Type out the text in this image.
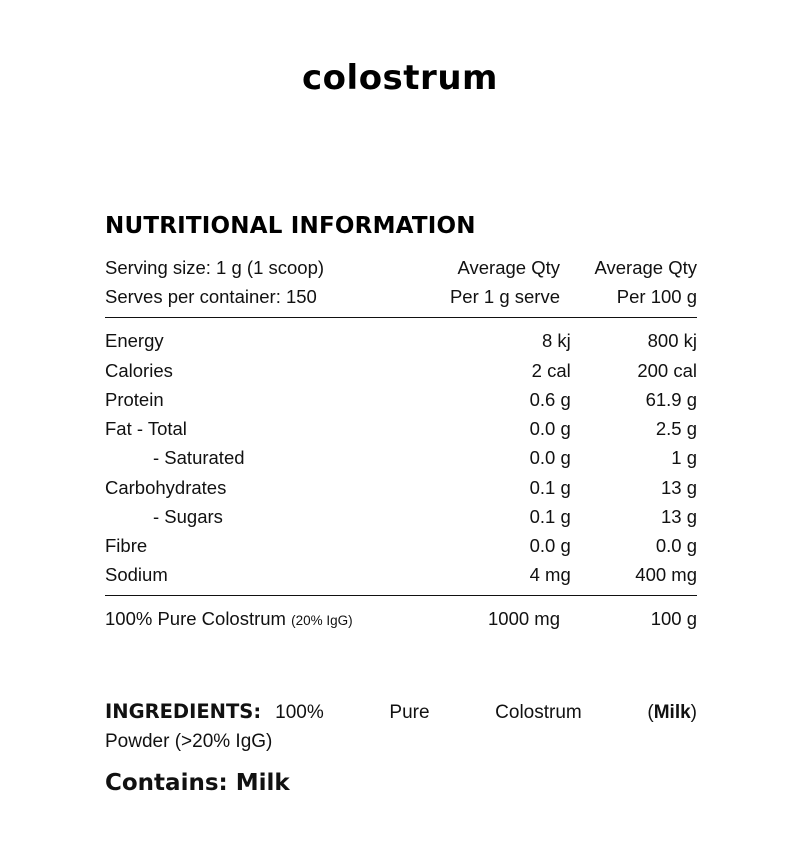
colostrum
NUTRITIONAL INFORMATION
Serving size: 1 g (1 scoop)	Average Qty	Average Qty
Serves per container: 150	Per 1 g serve	Per 100 g
Energy	8 kj	800 kj
Calories	2 cal	200 cal
Protein	0.6 g	61.9 g
Fat - Total	0.0 g	2.5 g
- Saturated	0.0 g	1 g
Carbohydrates	0.1 g	13 g
- Sugars	0.1 g	13 g
Fibre	0.0 g	0.0 g
Sodium	4 mg	400 mg
100% Pure Colostrum (20% IgG)	1000 mg	100 g
INGREDIENTS: 100% Pure Colostrum (Milk)
Powder (>20% IgG)
Contains: Milk
